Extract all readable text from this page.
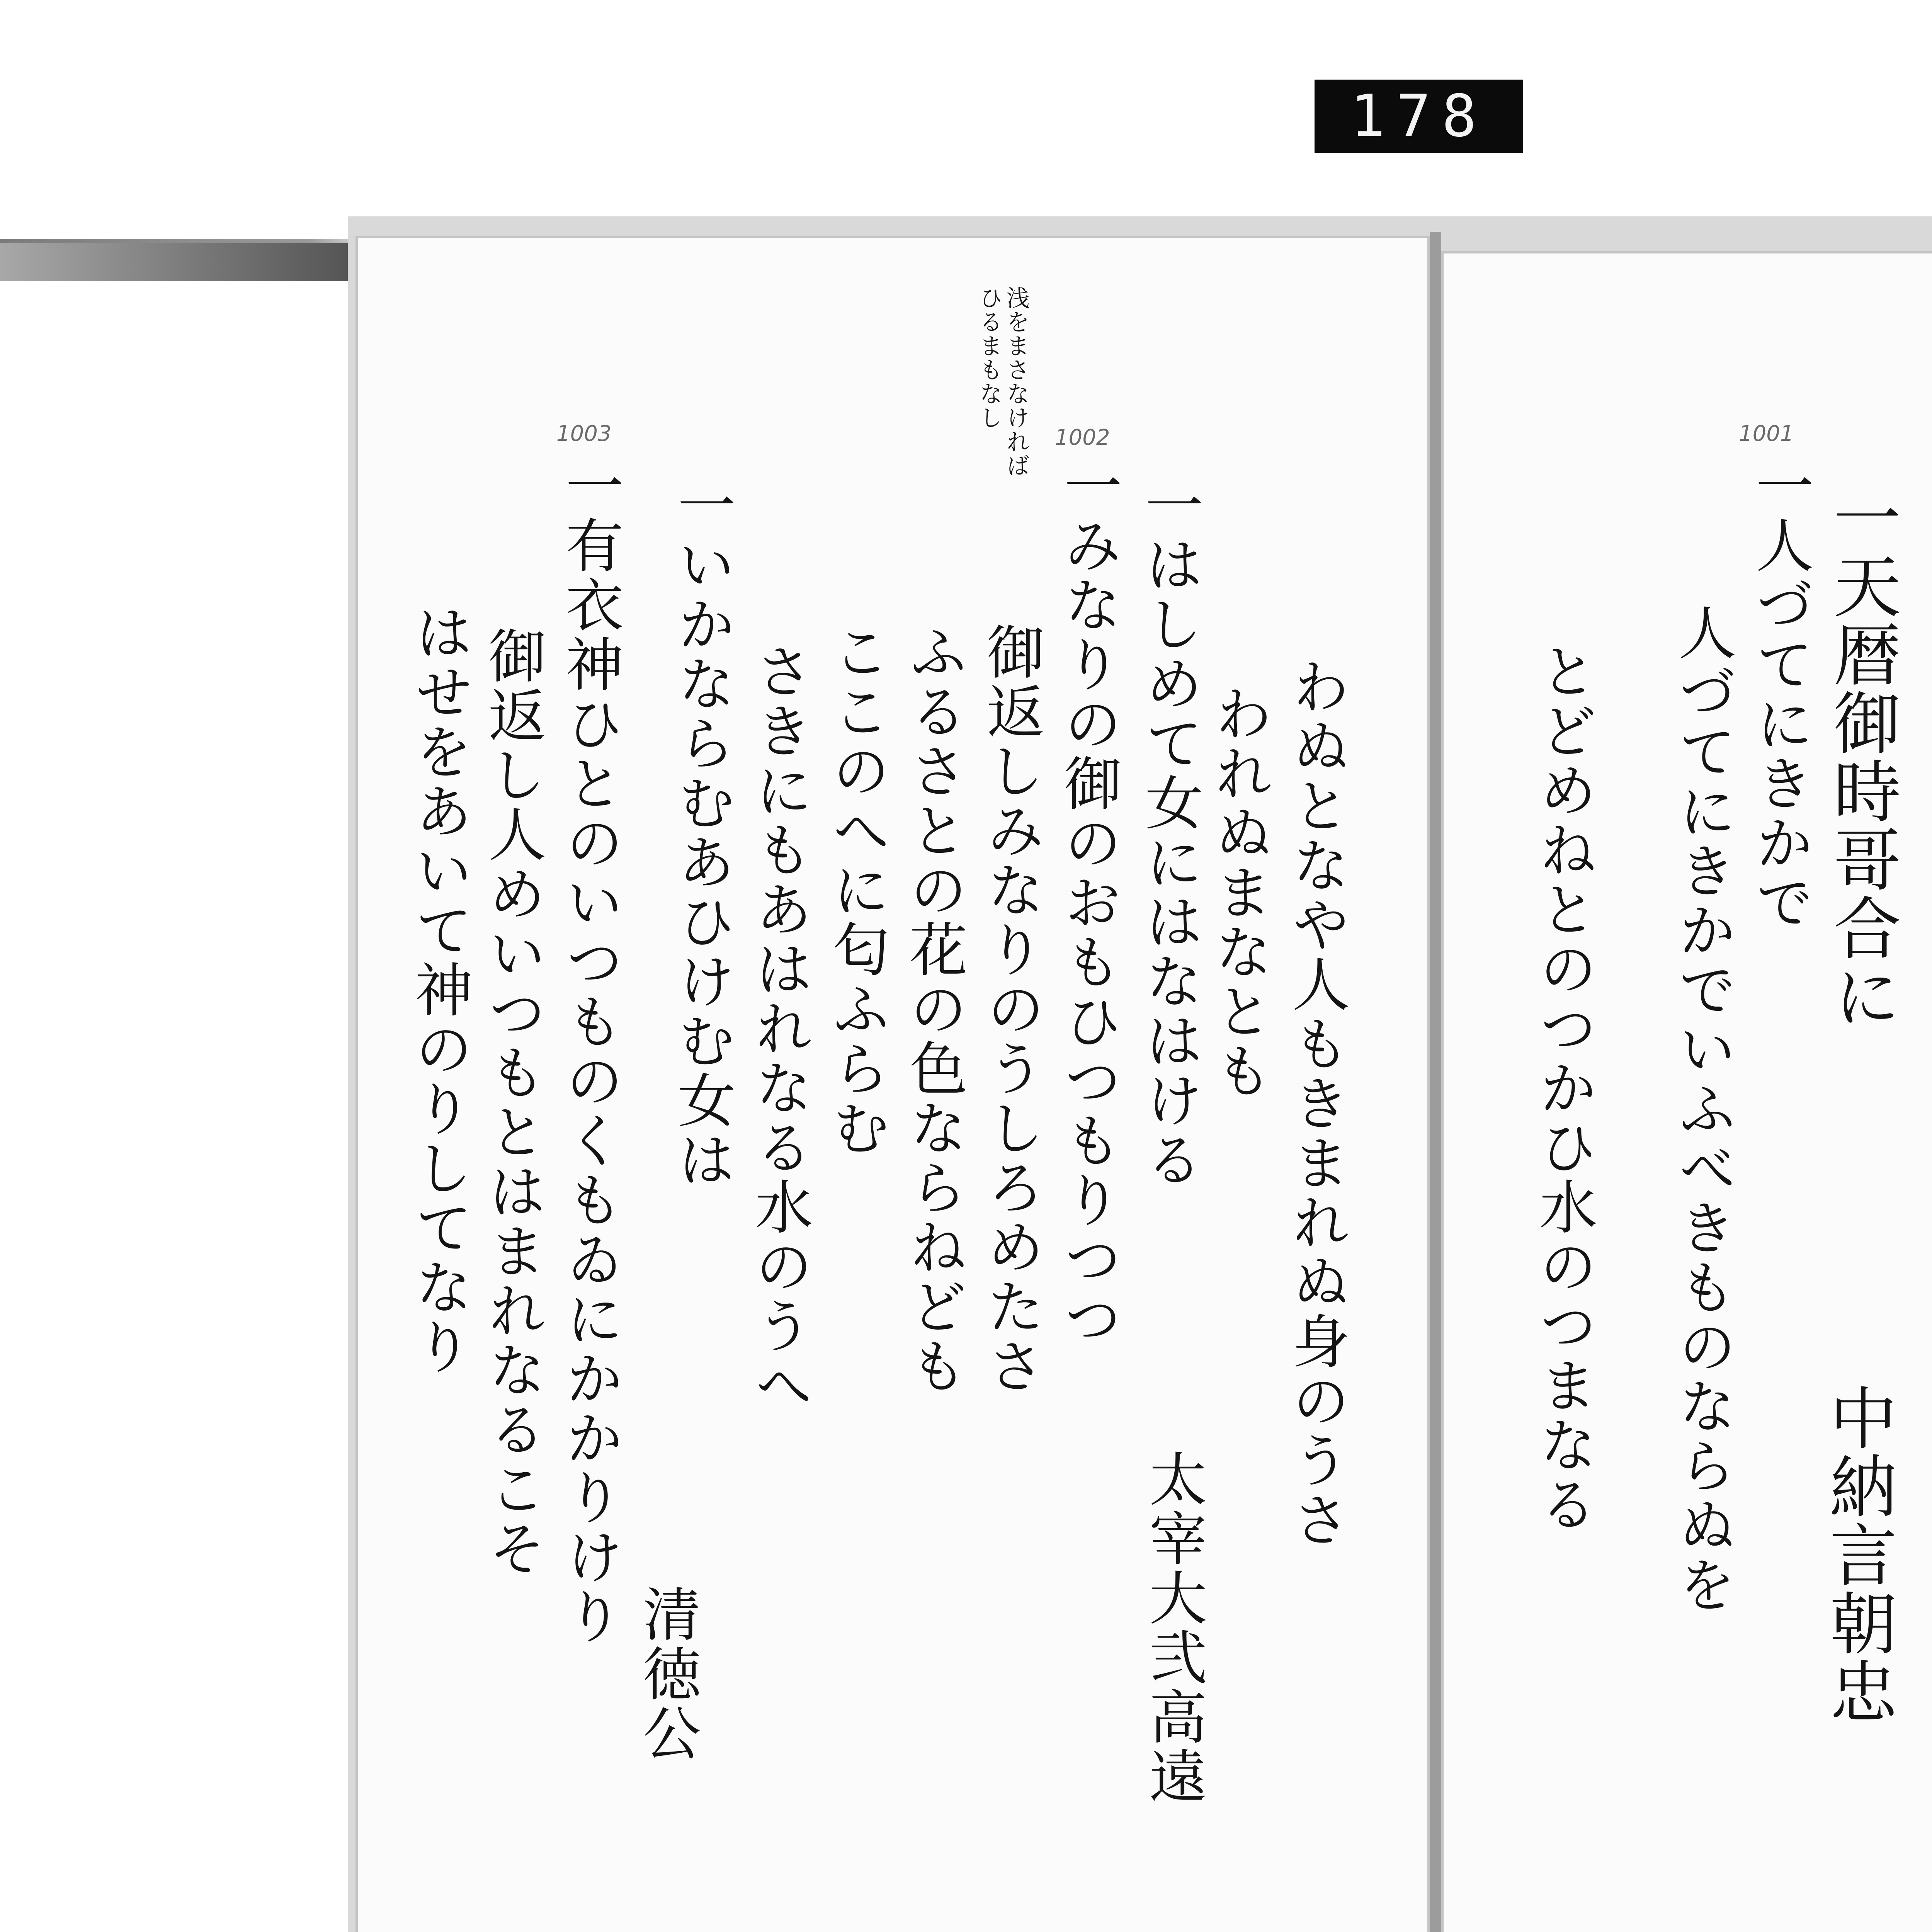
178
一天暦御時哥合に
一人づてにきかで
中納言朝忠
人づてにきかでいふべきものならぬを
とどめねとのつかひ水のつまなる
1001
わぬとなや人もきまれぬ身のうさ
われぬまなとも
一はしめて女にはなはける
太宰大弐高遠
一みなりの御のおもひつもりつつ
御返しみなりのうしろめたさ
ふるさとの花の色ならねども
ここのへに匂ふらむ
さきにもあはれなる水のうへ
一いかならむあひけむ女は
清徳公
一有衣神ひとのいつものくもゐにかかりけり
御返し人めいつもとはまれなるこそ
はせをあいて神のりしてなり
浅をまさなければ
ひるまもなし
1002
1003
